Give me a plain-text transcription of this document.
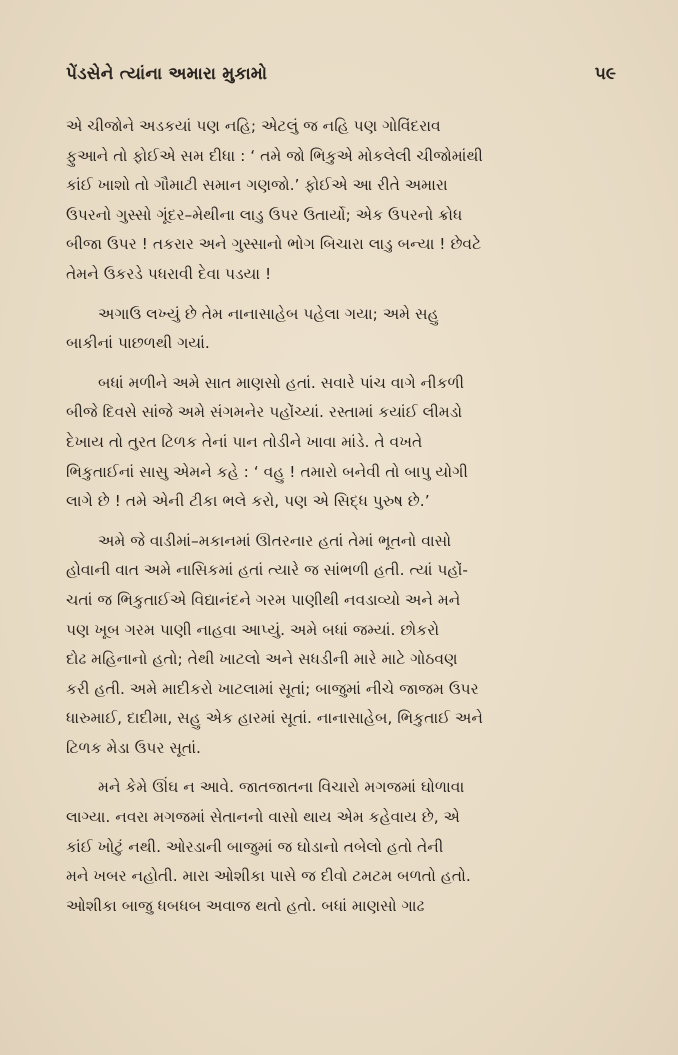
પેંડસેને ત્યાંના અમારા મુકામો	૫૯

એ ચીજોને અડકયાં પણ નહિ; એટલું જ નહિ પણ ગોવિંદરાવ
ફુઆને તો ફોઈએ સમ દીધા : ‘ તમે જો ભિકુએ મોકલેલી ચીજોમાંથી
કાંઈ ખાશો તો ગૌમાટી સમાન ગણજો.’ ફોઈએ આ રીતે અમારા
ઉપરનો ગુસ્સો ગૂંદર–મેથીના લાડુ ઉપર ઉતાર્યો; એક ઉપરનો ક્રોધ
બીજા ઉપર ! તકરાર અને ગુસ્સાનો ભોગ બિચારા લાડુ બન્યા ! છેવટે
તેમને ઉકરડે પધરાવી દેવા પડયા !

અગાઉ લખ્યું છે તેમ નાનાસાહેબ પહેલા ગયા; અમે સહુ
બાકીનાં પાછળથી ગયાં.

બધાં મળીને અમે સાત માણસો હતાં. સવારે પાંચ વાગે નીકળી
બીજે દિવસે સાંજે અમે સંગમનેર પહોંચ્યાં. રસ્તામાં કયાંઈ લીમડો
દેખાય તો તુરત ટિળક તેનાં પાન તોડીને ખાવા માંડે. તે વખતે
ભિકુતાઈનાં સાસુ એમને કહે : ‘ વહુ ! તમારો બનેવી તો બાપુ યોગી
લાગે છે ! તમે એની ટીકા ભલે કરો, પણ એ સિદ્ધ પુરુષ છે.’

અમે જે વાડીમાં–મકાનમાં ઊતરનાર હતાં તેમાં ભૂતનો વાસો
હોવાની વાત અમે નાસિકમાં હતાં ત્યારે જ સાંભળી હતી. ત્યાં પહોં-
ચતાં જ ભિકુતાઈએ વિદ્યાનંદને ગરમ પાણીથી નવડાવ્યો અને મને
પણ ખૂબ ગરમ પાણી નાહવા આપ્યું. અમે બધાં જમ્યાં. છોકરો
દોઢ મહિનાનો હતો; તેથી ખાટલો અને સધડીની મારે માટે ગોઠવણ
કરી હતી. અમે માદીકરો ખાટલામાં સૂતાં; બાજુમાં નીચે જાજમ ઉપર
ધારુમાઈ, દાદીમા, સહુ એક હારમાં સૂતાં. નાનાસાહેબ, ભિકુતાઈ અને
ટિળક મેડા ઉપર સૂતાં.

મને કેમે ઊંઘ ન આવે. જાતજાતના વિચારો મગજમાં ઘોળાવા
લાગ્યા. નવરા મગજમાં સેતાનનો વાસો થાય એમ કહેવાય છે, એ
કાંઈ ખોટું નથી. ઓરડાની બાજુમાં જ ઘોડાનો તબેલો હતો તેની
મને ખબર નહોતી. મારા ઓશીકા પાસે જ દીવો ટમટમ બળતો હતો.
ઓશીકા બાજુ ધબધબ અવાજ થતો હતો. બધાં માણસો ગાઢ
